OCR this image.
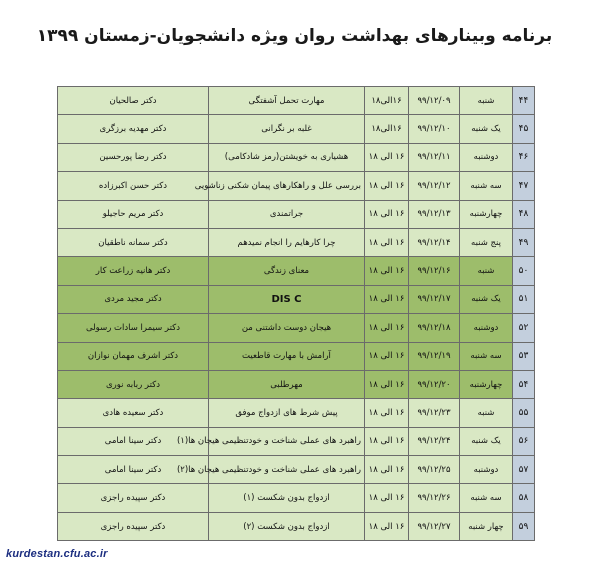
برنامه وبینارهای بهداشت روان ویژه دانشجویان-زمستان ۱۳۹۹
۴۴	شنبه	۹۹/۱۲/۰۹	۱۶الی۱۸	مهارت تحمل آشفتگی	دکتر صالحیان
۴۵	یک شنبه	۹۹/۱۲/۱۰	۱۶الی۱۸	غلبه بر نگرانی	دکتر مهدیه برزگری
۴۶	دوشنبه	۹۹/۱۲/۱۱	۱۶ الی ۱۸	هشیاری به خویشتن(رمز شادکامی)	دکتر رضا پورحسین
۴۷	سه شنبه	۹۹/۱۲/۱۲	۱۶ الی ۱۸	بررسی علل و راهکارهای پیمان شکنی زناشویی	دکتر حسن اکبرزاده
۴۸	چهارشنبه	۹۹/۱۲/۱۳	۱۶ الی ۱۸	جراتمندی	دکتر مریم حاجیلو
۴۹	پنج شنبه	۹۹/۱۲/۱۴	۱۶ الی ۱۸	چرا کارهایم را انجام نمیدهم	دکتر سمانه ناطقیان
۵۰	شنبه	۹۹/۱۲/۱۶	۱۶ الی ۱۸	معنای زندگی	دکتر هانیه زراعت کار
۵۱	یک شنبه	۹۹/۱۲/۱۷	۱۶ الی ۱۸	DIS C	دکتر مجید مردی
۵۲	دوشنبه	۹۹/۱۲/۱۸	۱۶ الی ۱۸	هیجان دوست داشتنی من	دکتر سیمرا سادات رسولی
۵۳	سه شنبه	۹۹/۱۲/۱۹	۱۶ الی ۱۸	آرامش با مهارت قاطعیت	دکتر اشرف مهمان نوازان
۵۴	چهارشنبه	۹۹/۱۲/۲۰	۱۶ الی ۱۸	مهرطلبی	دکتر ربابه نوری
۵۵	شنبه	۹۹/۱۲/۲۳	۱۶ الی ۱۸	پیش شرط های ازدواج موفق	دکتر سعیده هادی
۵۶	یک شنبه	۹۹/۱۲/۲۴	۱۶ الی ۱۸	راهبرد های عملی شناخت و خودتنظیمی هیجان ها(۱)	دکتر سینا امامی
۵۷	دوشنبه	۹۹/۱۲/۲۵	۱۶ الی ۱۸	راهبرد های عملی شناخت و خودتنظیمی هیجان ها(۲)	دکتر سینا امامی
۵۸	سه شنبه	۹۹/۱۲/۲۶	۱۶ الی ۱۸	ازدواج بدون شکست (۱)	دکتر سپیده راجزی
۵۹	چهار شنبه	۹۹/۱۲/۲۷	۱۶ الی ۱۸	ازدواج بدون شکست (۲)	دکتر سپیده راجزی
kurdestan.cfu.ac.ir
